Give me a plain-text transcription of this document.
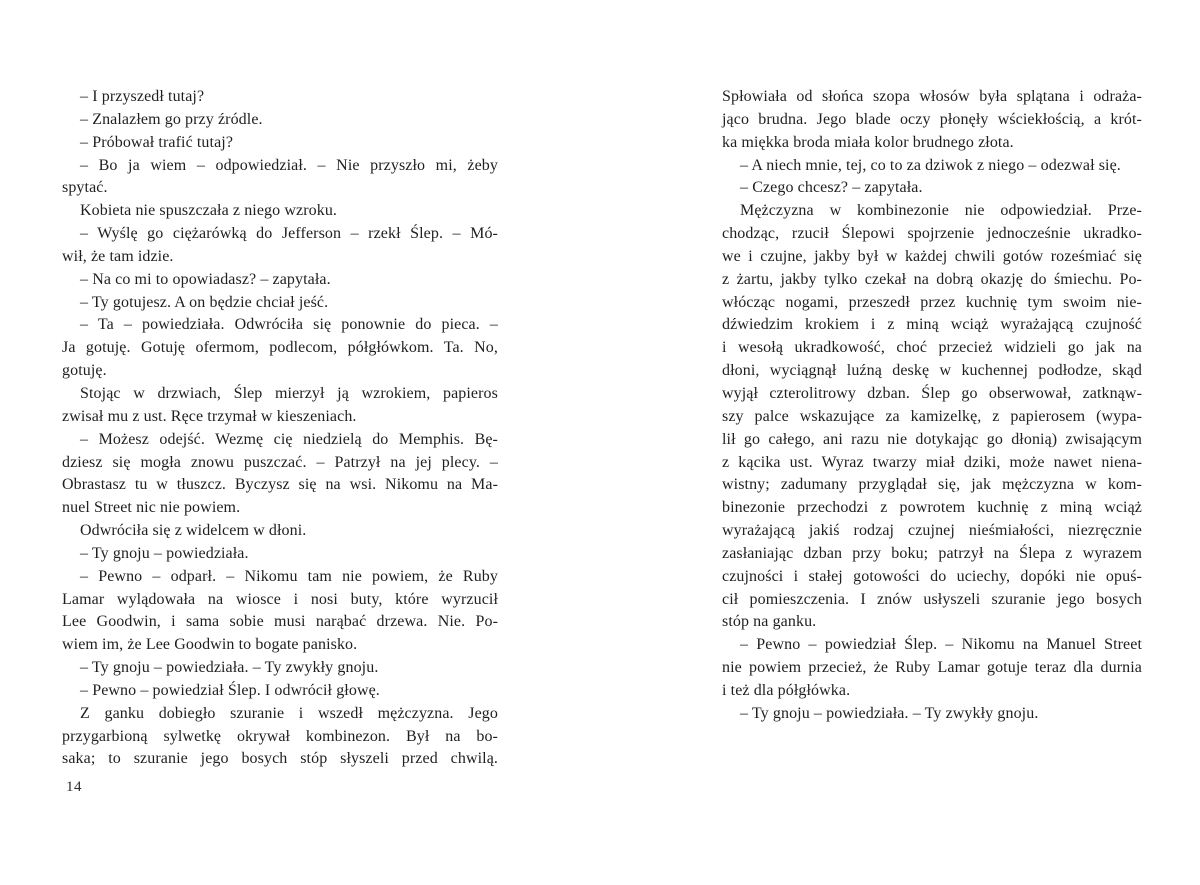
– I przyszedł tutaj?
– Znalazłem go przy źródle.
– Próbował trafić tutaj?
– Bo ja wiem – odpowiedział. – Nie przyszło mi, żeby
spytać.
Kobieta nie spuszczała z niego wzroku.
– Wyślę go ciężarówką do Jefferson – rzekł Ślep. – Mó-
wił, że tam idzie.
– Na co mi to opowiadasz? – zapytała.
– Ty gotujesz. A on będzie chciał jeść.
– Ta – powiedziała. Odwróciła się ponownie do pieca. –
Ja gotuję. Gotuję ofermom, podlecom, półgłówkom. Ta. No,
gotuję.
Stojąc w drzwiach, Ślep mierzył ją wzrokiem, papieros
zwisał mu z ust. Ręce trzymał w kieszeniach.
– Możesz odejść. Wezmę cię niedzielą do Memphis. Bę-
dziesz się mogła znowu puszczać. – Patrzył na jej plecy. –
Obrastasz tu w tłuszcz. Byczysz się na wsi. Nikomu na Ma-
nuel Street nic nie powiem.
Odwróciła się z widelcem w dłoni.
– Ty gnoju – powiedziała.
– Pewno – odparł. – Nikomu tam nie powiem, że Ruby
Lamar wylądowała na wiosce i nosi buty, które wyrzucił
Lee Goodwin, i sama sobie musi narąbać drzewa. Nie. Po-
wiem im, że Lee Goodwin to bogate panisko.
– Ty gnoju – powiedziała. – Ty zwykły gnoju.
– Pewno – powiedział Ślep. I odwrócił głowę.
Z ganku dobiegło szuranie i wszedł mężczyzna. Jego
przygarbioną sylwetkę okrywał kombinezon. Był na bo-
saka; to szuranie jego bosych stóp słyszeli przed chwilą.
Spłowiała od słońca szopa włosów była splątana i odraża-
jąco brudna. Jego blade oczy płonęły wściekłością, a krót-
ka miękka broda miała kolor brudnego złota.
– A niech mnie, tej, co to za dziwok z niego – odezwał się.
– Czego chcesz? – zapytała.
Mężczyzna w kombinezonie nie odpowiedział. Prze-
chodząc, rzucił Ślepowi spojrzenie jednocześnie ukradko-
we i czujne, jakby był w każdej chwili gotów roześmiać się
z żartu, jakby tylko czekał na dobrą okazję do śmiechu. Po-
włócząc nogami, przeszedł przez kuchnię tym swoim nie-
dźwiedzim krokiem i z miną wciąż wyrażającą czujność
i wesołą ukradkowość, choć przecież widzieli go jak na
dłoni, wyciągnął luźną deskę w kuchennej podłodze, skąd
wyjął czterolitrowy dzban. Ślep go obserwował, zatknąw-
szy palce wskazujące za kamizelkę, z papierosem (wypa-
lił go całego, ani razu nie dotykając go dłonią) zwisającym
z kącika ust. Wyraz twarzy miał dziki, może nawet niena-
wistny; zadumany przyglądał się, jak mężczyzna w kom-
binezonie przechodzi z powrotem kuchnię z miną wciąż
wyrażającą jakiś rodzaj czujnej nieśmiałości, niezręcznie
zasłaniając dzban przy boku; patrzył na Ślepa z wyrazem
czujności i stałej gotowości do uciechy, dopóki nie opuś-
cił pomieszczenia. I znów usłyszeli szuranie jego bosych
stóp na ganku.
– Pewno – powiedział Ślep. – Nikomu na Manuel Street
nie powiem przecież, że Ruby Lamar gotuje teraz dla durnia
i też dla półgłówka.
– Ty gnoju – powiedziała. – Ty zwykły gnoju.
14
